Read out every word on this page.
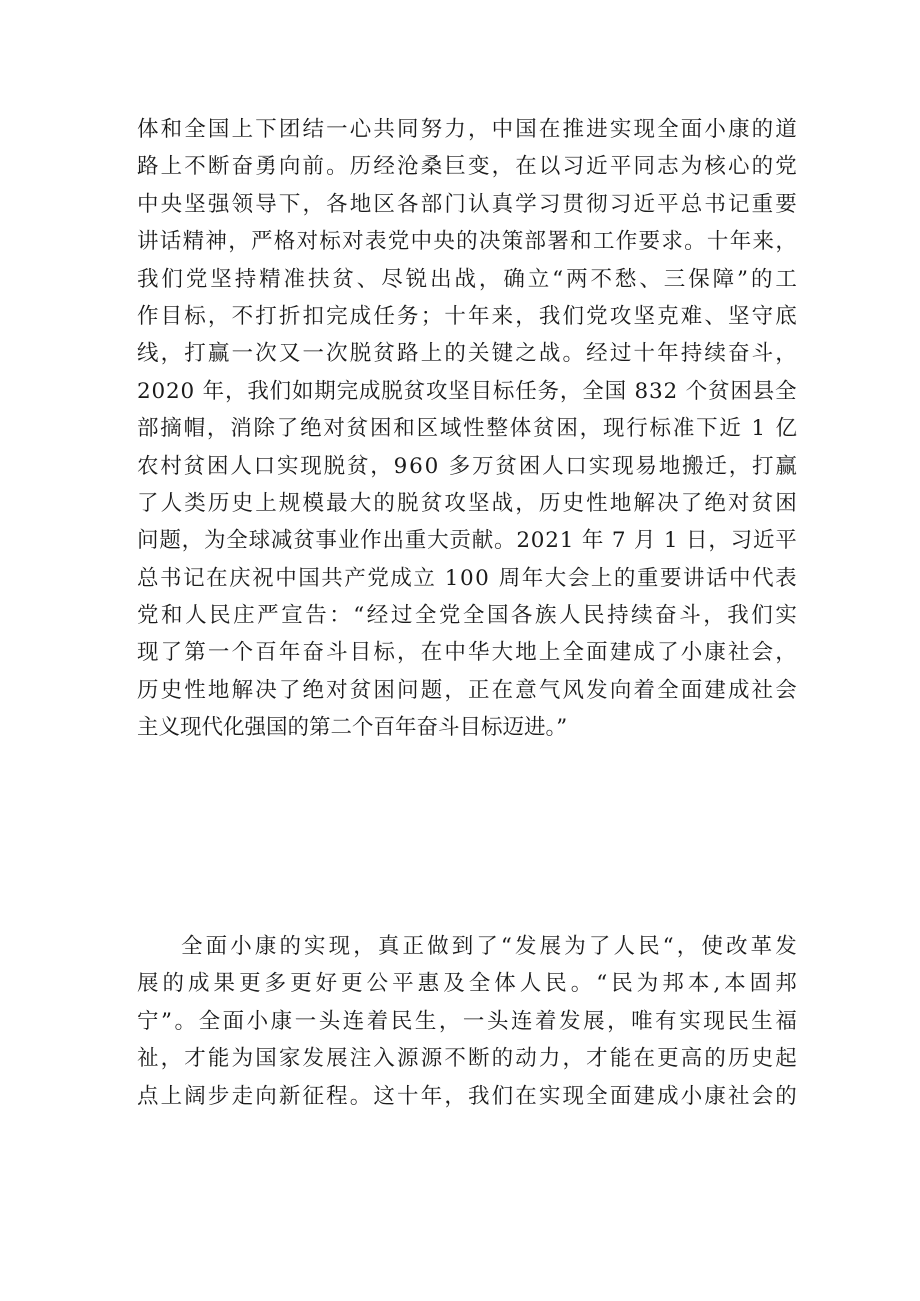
体 和 全 国 上 下 团 结 一 心 共 同 努 力 ， 中 国 在 推 进 实 现 全 面 小 康 的 道
路 上 不 断 奋 勇 向 前 。 历 经 沧 桑 巨 变 ， 在 以 习 近 平 同 志 为 核 心 的 党
中 央 坚 强 领 导 下 ， 各 地 区 各 部 门 认 真 学 习 贯 彻 习 近 平 总 书 记 重 要
讲 话 精 神 ， 严 格 对 标 对 表 党 中 央 的 决 策 部 署 和 工 作 要 求 。 十 年 来 ，
我 们 党 坚 持 精 准 扶 贫 、 尽 锐 出 战 ， 确 立 “ 两 不 愁 、 三 保 障 ” 的 工
作 目 标 ， 不 打 折 扣 完 成 任 务 ； 十 年 来 ， 我 们 党 攻 坚 克 难 、 坚 守 底
线 ， 打 赢 一 次 又 一 次 脱 贫 路 上 的 关 键 之 战 。 经 过 十 年 持 续 奋 斗 ，
2 0 2 0
年 ， 我 们 如 期 完 成 脱 贫 攻 坚 目 标 任 务 ， 全 国
8 3 2
个 贫 困 县 全
部 摘 帽 ， 消 除 了 绝 对 贫 困 和 区 域 性 整 体 贫 困 ， 现 行 标 准 下 近
1
亿
农 村 贫 困 人 口 实 现 脱 贫 ， 9 6 0
多 万 贫 困 人 口 实 现 易 地 搬 迁 ， 打 赢
了 人 类 历 史 上 规 模 最 大 的 脱 贫 攻 坚 战 ， 历 史 性 地 解 决 了 绝 对 贫 困
问 题 ， 为 全 球 减 贫 事 业 作 出 重 大 贡 献 。 2 0 2 1
年
7
月
1
日 ， 习 近 平
总 书 记 在 庆 祝 中 国 共 产 党 成 立
1 0 0
周 年 大 会 上 的 重 要 讲 话 中 代 表
党 和 人 民 庄 严 宣 告 ： “ 经 过 全 党 全 国 各 族 人 民 持 续 奋 斗 ， 我 们 实
现 了 第 一 个 百 年 奋 斗 目 标 ， 在 中 华 大 地 上 全 面 建 成 了 小 康 社 会 ，
历 史 性 地 解 决 了 绝 对 贫 困 问 题 ， 正 在 意 气 风 发 向 着 全 面 建 成 社 会
主义现代化强国的第二个百年奋斗目标迈进。”
全 面 小 康 的 实 现 ， 真 正 做 到 了 “ 发 展 为 了 人 民 “ ， 使 改 革 发
展 的 成 果 更 多 更 好 更 公 平 惠 及 全 体 人 民 。 “ 民 为 邦 本 , 本 固 邦
宁 ” 。 全 面 小 康 一 头 连 着 民 生 ， 一 头 连 着 发 展 ， 唯 有 实 现 民 生 福
祉 ， 才 能 为 国 家 发 展 注 入 源 源 不 断 的 动 力 ， 才 能 在 更 高 的 历 史 起
点 上 阔 步 走 向 新 征 程 。 这 十 年 ， 我 们 在 实 现 全 面 建 成 小 康 社 会 的
